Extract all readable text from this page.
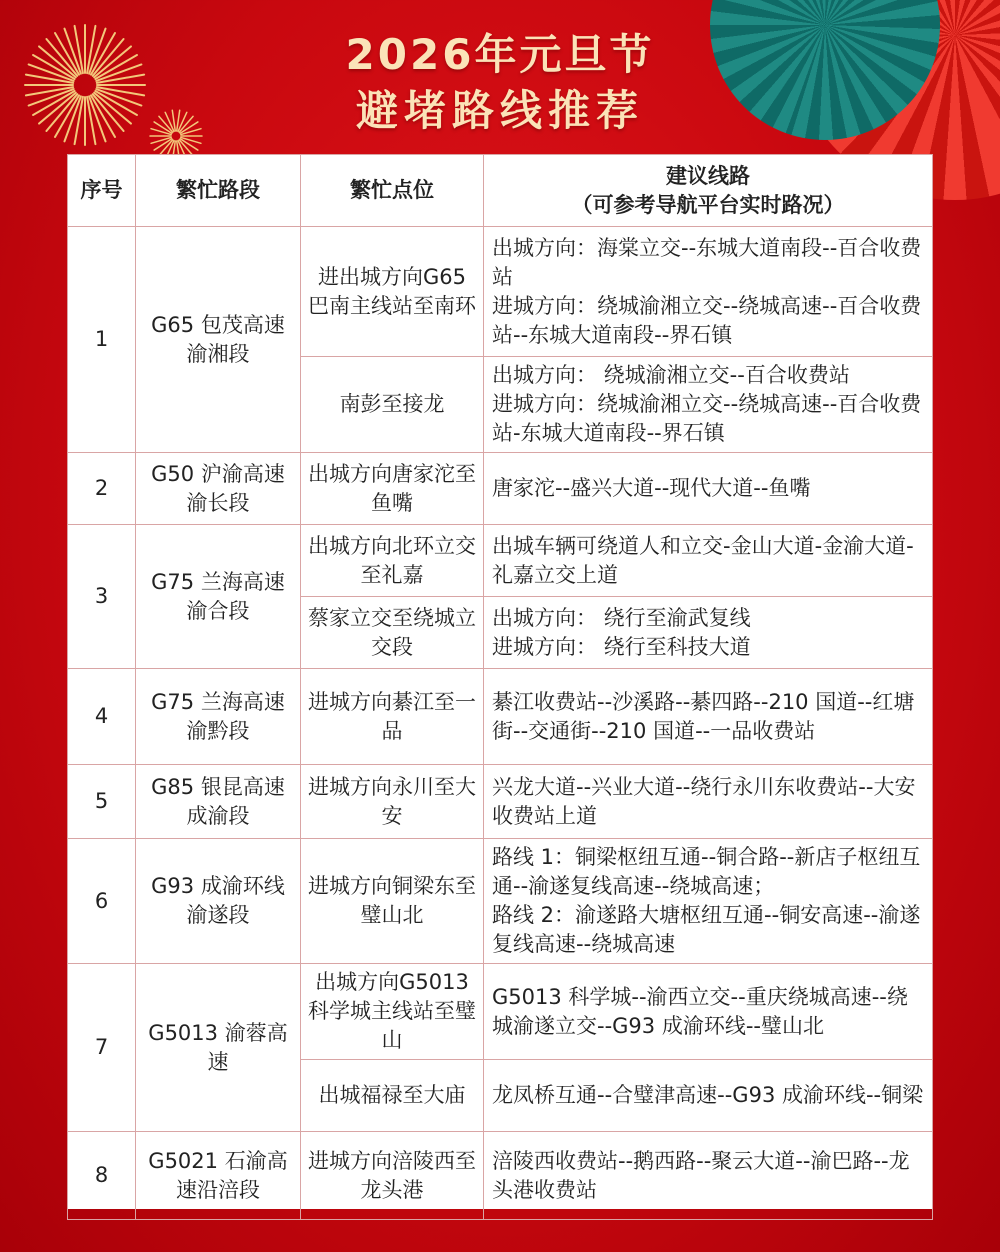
2026年元旦节
避堵路线推荐
序号	繁忙路段	繁忙点位	建议线路
（可参考导航平台实时路况）

1	G65 包茂高速渝湘段	进出城方向G65 巴南主线站至南环	出城方向：海棠立交--东城大道南段--百合收费站
进城方向：绕城渝湘立交--绕城高速--百合收费站--东城大道南段--界石镇

		南彭至接龙	出城方向： 绕城渝湘立交--百合收费站
进城方向：绕城渝湘立交--绕城高速--百合收费站-东城大道南段--界石镇

2	G50 沪渝高速渝长段	出城方向唐家沱至鱼嘴	唐家沱--盛兴大道--现代大道--鱼嘴

3	G75 兰海高速渝合段	出城方向北环立交至礼嘉	出城车辆可绕道人和立交-金山大道-金渝大道-礼嘉立交上道

		蔡家立交至绕城立交段	出城方向： 绕行至渝武复线
进城方向： 绕行至科技大道

4	G75 兰海高速渝黔段	进城方向綦江至一品	綦江收费站--沙溪路--綦四路--210 国道--红塘街--交通街--210 国道--一品收费站

5	G85 银昆高速成渝段	进城方向永川至大安	兴龙大道--兴业大道--绕行永川东收费站--大安收费站上道

6	G93 成渝环线渝遂段	进城方向铜梁东至璧山北	路线 1：铜梁枢纽互通--铜合路--新店子枢纽互通--渝遂复线高速--绕城高速；
路线 2：渝遂路大塘枢纽互通--铜安高速--渝遂复线高速--绕城高速

7	G5013 渝蓉高速	出城方向G5013 科学城主线站至璧山	G5013 科学城--渝西立交--重庆绕城高速--绕城渝遂立交--G93 成渝环线--璧山北

		出城福禄至大庙	龙凤桥互通--合璧津高速--G93 成渝环线--铜梁

8	G5021 石渝高速沿涪段	进城方向涪陵西至龙头港	涪陵西收费站--鹅西路--聚云大道--渝巴路--龙头港收费站
